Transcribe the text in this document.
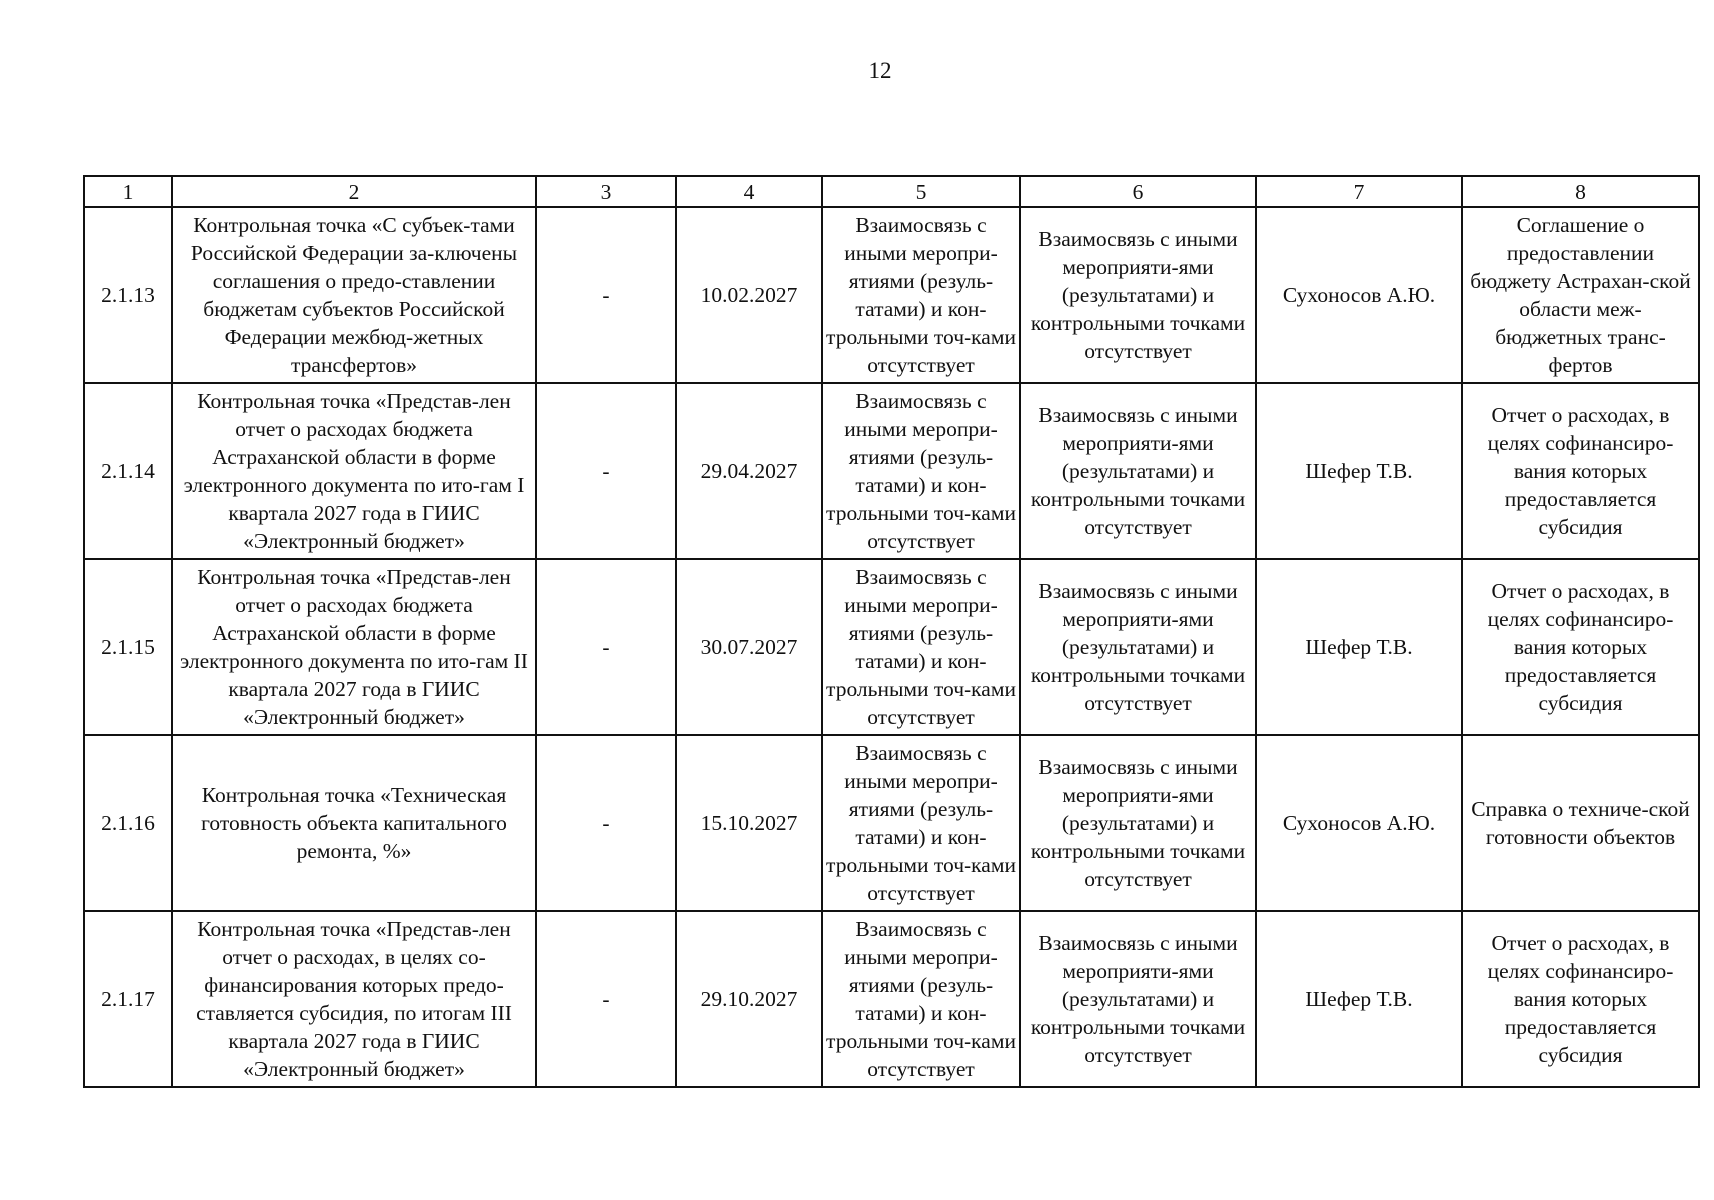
12
1	2	3	4	5	6	7	8
2.1.13	Контрольная точка «С субъек-тами Российской Федерации за-ключены соглашения о предо-ставлении бюджетам субъектов Российской Федерации межбюд-жетных трансфертов»	-	10.02.2027	Взаимосвязь с иными меропри-ятиями (резуль-татами) и кон-трольными точ-ками отсутствует	Взаимосвязь с иными мероприяти-ями (результатами) и контрольными точками отсутствует	Сухоносов А.Ю.	Соглашение о предоставлении бюджету Астрахан-ской области меж-бюджетных транс-фертов
2.1.14	Контрольная точка «Представ-лен отчет о расходах бюджета Астраханской области в форме электронного документа по ито-гам I квартала 2027 года в ГИИС «Электронный бюджет»	-	29.04.2027	Взаимосвязь с иными меропри-ятиями (резуль-татами) и кон-трольными точ-ками отсутствует	Взаимосвязь с иными мероприяти-ями (результатами) и контрольными точками отсутствует	Шефер Т.В.	Отчет о расходах, в целях софинансиро-вания которых предоставляется субсидия
2.1.15	Контрольная точка «Представ-лен отчет о расходах бюджета Астраханской области в форме электронного документа по ито-гам II квартала 2027 года в ГИИС «Электронный бюджет»	-	30.07.2027	Взаимосвязь с иными меропри-ятиями (резуль-татами) и кон-трольными точ-ками отсутствует	Взаимосвязь с иными мероприяти-ями (результатами) и контрольными точками отсутствует	Шефер Т.В.	Отчет о расходах, в целях софинансиро-вания которых предоставляется субсидия
2.1.16	Контрольная точка «Техническая готовность объекта капитального ремонта, %»	-	15.10.2027	Взаимосвязь с иными меропри-ятиями (резуль-татами) и кон-трольными точ-ками отсутствует	Взаимосвязь с иными мероприяти-ями (результатами) и контрольными точками отсутствует	Сухоносов А.Ю.	Справка о техниче-ской готовности объектов
2.1.17	Контрольная точка «Представ-лен отчет о расходах, в целях со-финансирования которых предо-ставляется субсидия, по итогам III квартала 2027 года в ГИИС «Электронный бюджет»	-	29.10.2027	Взаимосвязь с иными меропри-ятиями (резуль-татами) и кон-трольными точ-ками отсутствует	Взаимосвязь с иными мероприяти-ями (результатами) и контрольными точками отсутствует	Шефер Т.В.	Отчет о расходах, в целях софинансиро-вания которых предоставляется субсидия
